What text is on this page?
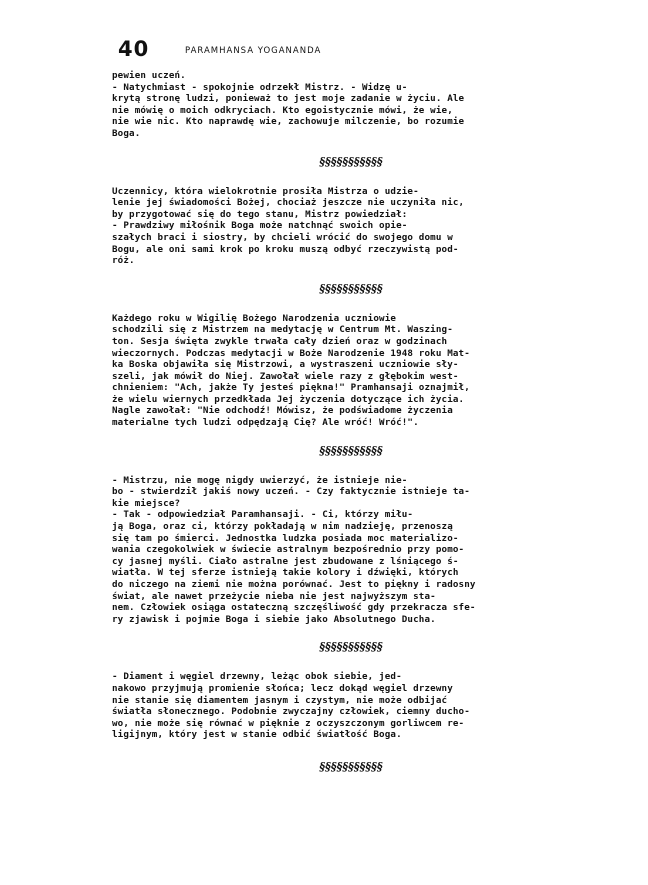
40	PARAMHANSA YOGANANDA

pewien uczeń.
- Natychmiast - spokojnie odrzekł Mistrz. - Widzę u-
krytą stronę ludzi, ponieważ to jest moje zadanie w życiu. Ale
nie mówię o moich odkryciach. Kto egoistycznie mówi, że wie,
nie wie nic. Kto naprawdę wie, zachowuje milczenie, bo rozumie
Boga.

§§§§§§§§§§§

Uczennicy, która wielokrotnie prosiła Mistrza o udzie-
lenie jej świadomości Bożej, chociaż jeszcze nie uczyniła nic,
by przygotować się do tego stanu, Mistrz powiedział:
- Prawdziwy miłośnik Boga może natchnąć swoich opie-
szałych braci i siostry, by chcieli wrócić do swojego domu w
Bogu, ale oni sami krok po kroku muszą odbyć rzeczywistą pod-
róż.

§§§§§§§§§§§

Każdego roku w Wigilię Bożego Narodzenia uczniowie
schodzili się z Mistrzem na medytację w Centrum Mt. Waszing-
ton. Sesja święta zwykle trwała cały dzień oraz w godzinach
wieczornych. Podczas medytacji w Boże Narodzenie 1948 roku Mat-
ka Boska objawiła się Mistrzowi, a wystraszeni uczniowie sły-
szeli, jak mówił do Niej. Zawołał wiele razy z głębokim west-
chnieniem: "Ach, jakże Ty jesteś piękna!" Pramhansaji oznajmił,
że wielu wiernych przedkłada Jej życzenia dotyczące ich życia.
Nagle zawołał: "Nie odchodź! Mówisz, że podświadome życzenia
materialne tych ludzi odpędzają Cię? Ale wróć! Wróć!".

§§§§§§§§§§§

- Mistrzu, nie mogę nigdy uwierzyć, że istnieje nie-
bo - stwierdził jakiś nowy uczeń. - Czy faktycznie istnieje ta-
kie miejsce?
- Tak - odpowiedział Paramhansaji. - Ci, którzy miłu-
ją Boga, oraz ci, którzy pokładają w nim nadzieję, przenoszą
się tam po śmierci. Jednostka ludzka posiada moc materializo-
wania czegokolwiek w świecie astralnym bezpośrednio przy pomo-
cy jasnej myśli. Ciało astralne jest zbudowane z lśniącego ś-
wiatła. W tej sferze istnieją takie kolory i dźwięki, których
do niczego na ziemi nie można porównać. Jest to piękny i radosny
świat, ale nawet przeżycie nieba nie jest najwyższym sta-
nem. Człowiek osiąga ostateczną szczęśliwość gdy przekracza sfe-
ry zjawisk i pojmie Boga i siebie jako Absolutnego Ducha.

§§§§§§§§§§§

- Diament i węgiel drzewny, leżąc obok siebie, jed-
nakowo przyjmują promienie słońca; lecz dokąd węgiel drzewny
nie stanie się diamentem jasnym i czystym, nie może odbijać
światła słonecznego. Podobnie zwyczajny człowiek, ciemny ducho-
wo, nie może się równać w pięknie z oczyszczonym gorliwcem re-
ligijnym, który jest w stanie odbić światłość Boga.

§§§§§§§§§§§
